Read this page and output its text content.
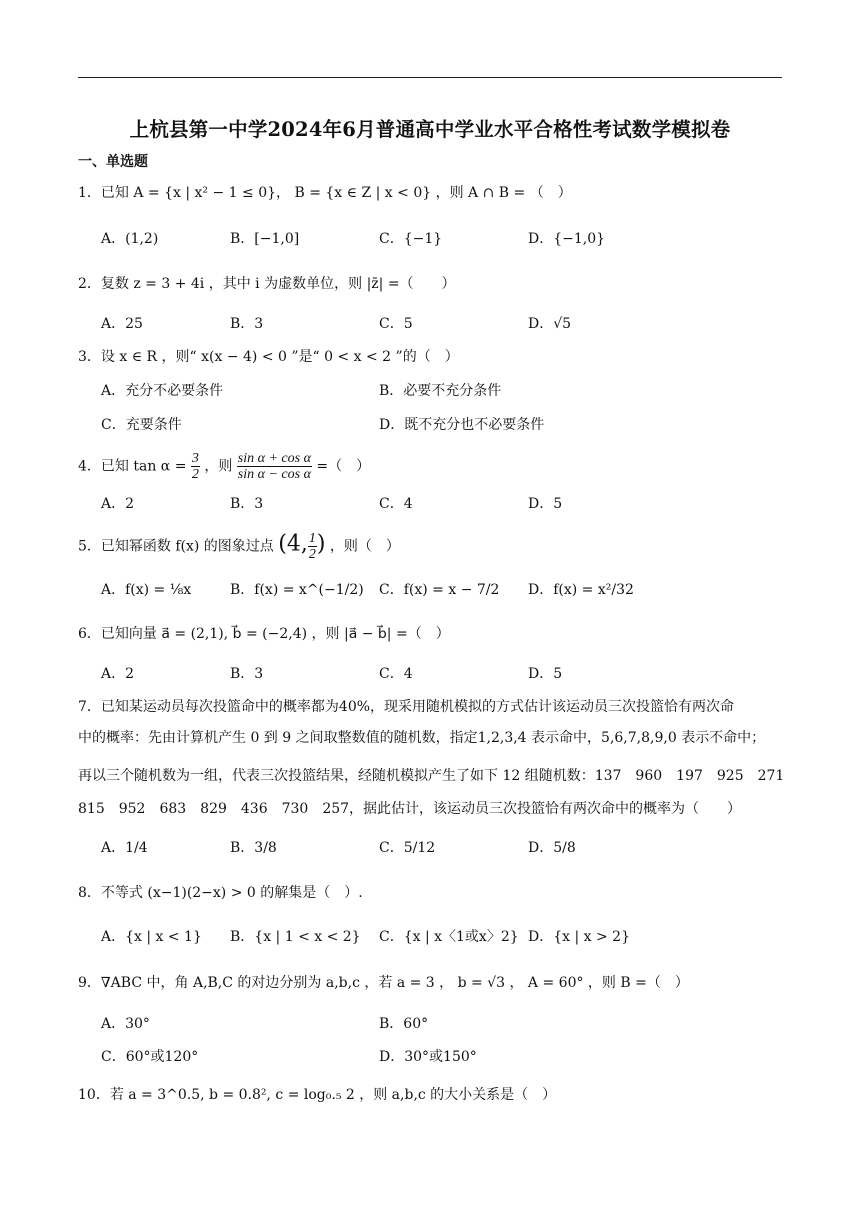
上杭县第一中学2024年6月普通高中学业水平合格性考试数学模拟卷
一、单选题
1．已知 A = {x | x² − 1 ≤ 0}， B = {x ∈ Z | x < 0} ，则 A ∩ B = （　）
A．(1,2)	B．[−1,0]	C．{−1}	D．{−1,0}
2．复数 z = 3 + 4i ，其中 i 为虚数单位，则 |z̄| =（　　）
A．25	B．3	C．5	D．√5
3．设 x ∈ R ，则“ x(x − 4) < 0 ”是“ 0 < x < 2 ”的（　）
A．充分不必要条件	B．必要不充分条件
C．充要条件	D．既不充分也不必要条件
4．已知 $\tan \alpha = \frac{3}{2}$ ，则 $\frac{\text{sin α + cos α}}{\text{sin α − cos α}}$ =（　）
A．2	B．3	C．4	D．5
5．已知幂函数 f(x) 的图象过点 (4, $\frac{1}{2}$ ) ，则（　）
A．f(x) = ⅛x	B．f(x) = x^(−1/2) C．f(x) = x − 7/2 D．f(x) = x²/32
6．已知向量 a⃗ = (2,1), b⃗ = (−2,4) ，则 |a⃗ − b⃗| =（　）
A．2	B．3	C．4	D．5
7．已知某运动员每次投篮命中的概率都为40%，现采用随机模拟的方式估计该运动员三次投篮恰有两次命
中的概率：先由计算机产生 0 到 9 之间取整数值的随机数，指定1,2,3,4 表示命中，5,6,7,8,9,0 表示不命中；
再以三个随机数为一组，代表三次投篮结果，经随机模拟产生了如下 12 组随机数：137　960　197　925　271
815　952　683　829　436　730　257，据此估计，该运动员三次投篮恰有两次命中的概率为（　　）
A．1/4	B．3/8	C．5/12	D．5/8
8．不等式 (x−1)(2−x) > 0 的解集是（　）.
A．{x | x < 1} B．{x | 1 < x < 2} C．{x | x〈1或x〉2} D．{x | x > 2}
9．∇ABC 中，角 A,B,C 的对边分别为 a,b,c ，若 a = 3 ， b = √3 ， A = 60° ，则 B =（　）
A．30°	B．60°
C．60°或120°	D．30°或150°
10．若 a = 3^0.5, b = 0.8², c = log₀.₅ 2 ，则 a,b,c 的大小关系是（　）
